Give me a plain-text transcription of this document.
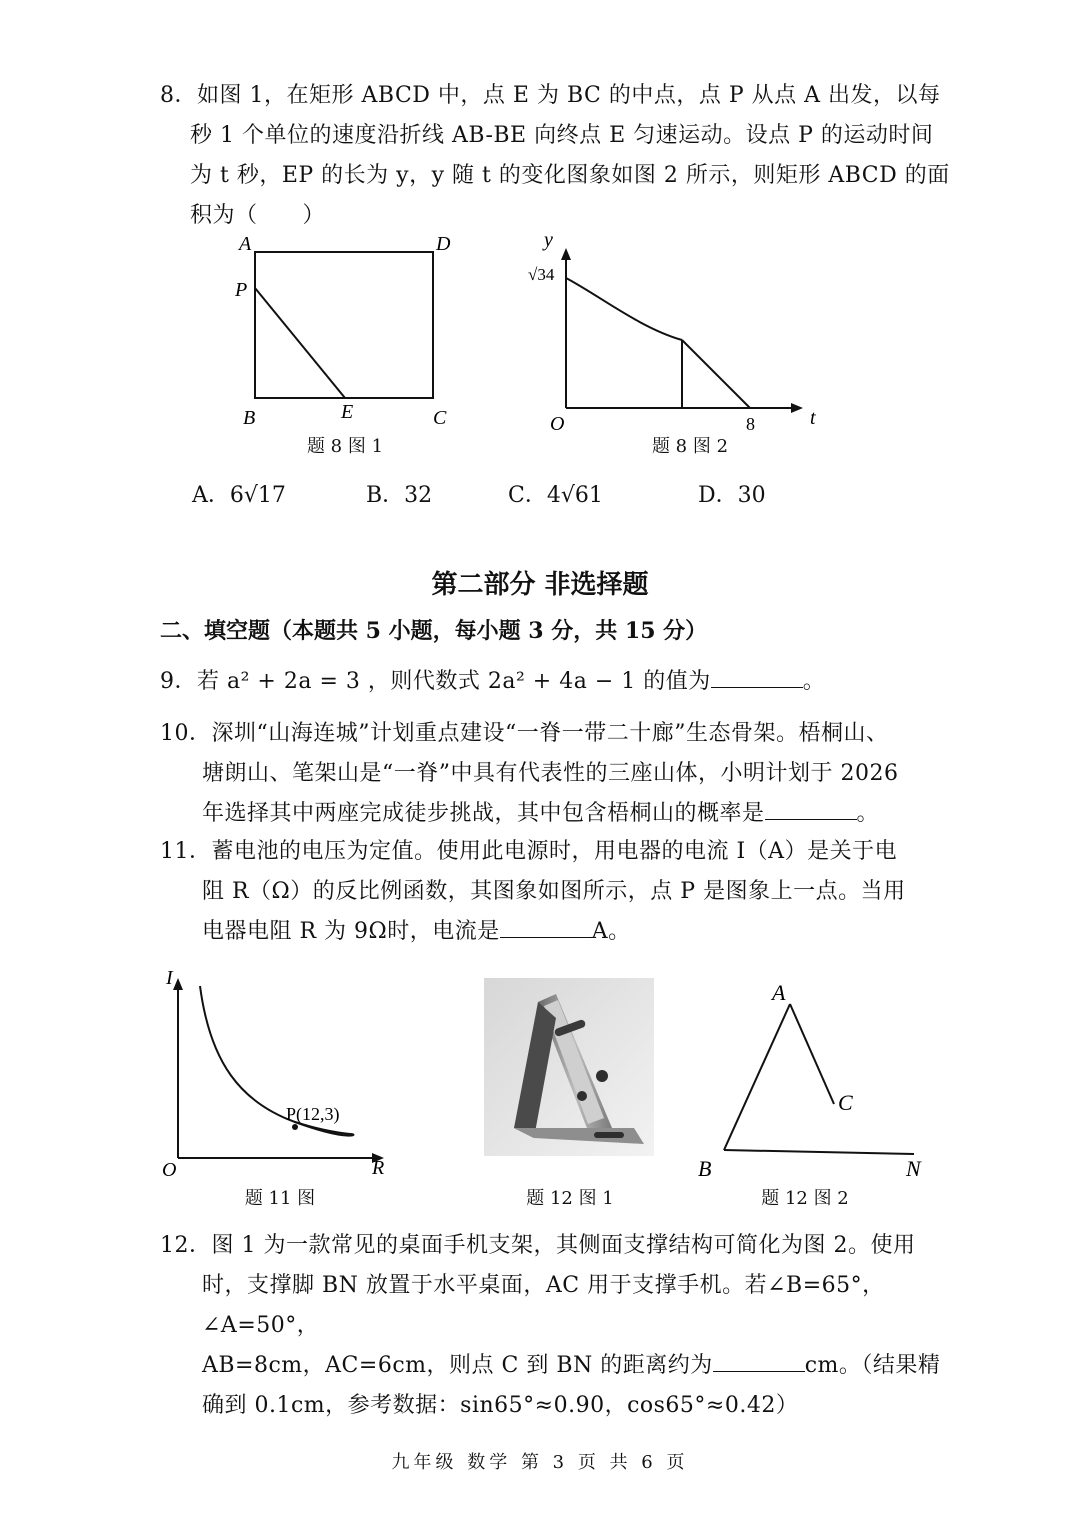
8．如图 1，在矩形 ABCD 中，点 E 为 BC 的中点，点 P 从点 A 出发，以每
秒 1 个单位的速度沿折线 AB-BE 向终点 E 匀速运动。设点 P 的运动时间
为 t 秒，EP 的长为 y，y 随 t 的变化图象如图 2 所示，则矩形 ABCD 的面
积为（　　）
A	D
P
B	E	C
题 8 图 1
y
t
O
√34
8
题 8 图 2
A．6√17	B．32	C．4√61	D．30
第二部分 非选择题
二、填空题（本题共 5 小题，每小题 3 分，共 15 分）
9．若 a² + 2a = 3 ，则代数式 2a² + 4a − 1 的值为	。
10．深圳“山海连城”计划重点建设“一脊一带二十廊”生态骨架。梧桐山、
塘朗山、笔架山是“一脊”中具有代表性的三座山体，小明计划于 2026
年选择其中两座完成徒步挑战，其中包含梧桐山的概率是	。
11．蓄电池的电压为定值。使用此电源时，用电器的电流 I（A）是关于电
阻 R（Ω）的反比例函数，其图象如图所示，点 P 是图象上一点。当用
电器电阻 R 为 9Ω时，电流是	A。
I
R
O
P(12,3)
题 11 图	题 12 图 1
A
C
B	N
题 12 图 2
12．图 1 为一款常见的桌面手机支架，其侧面支撑结构可简化为图 2。使用
时，支撑脚 BN 放置于水平桌面，AC 用于支撑手机。若∠B=65°，∠A=50°，
AB=8cm，AC=6cm，则点 C 到 BN 的距离约为	cm。（结果精
确到 0.1cm，参考数据：sin65°≈0.90，cos65°≈0.42）
九年级 数学 第 3 页 共 6 页
